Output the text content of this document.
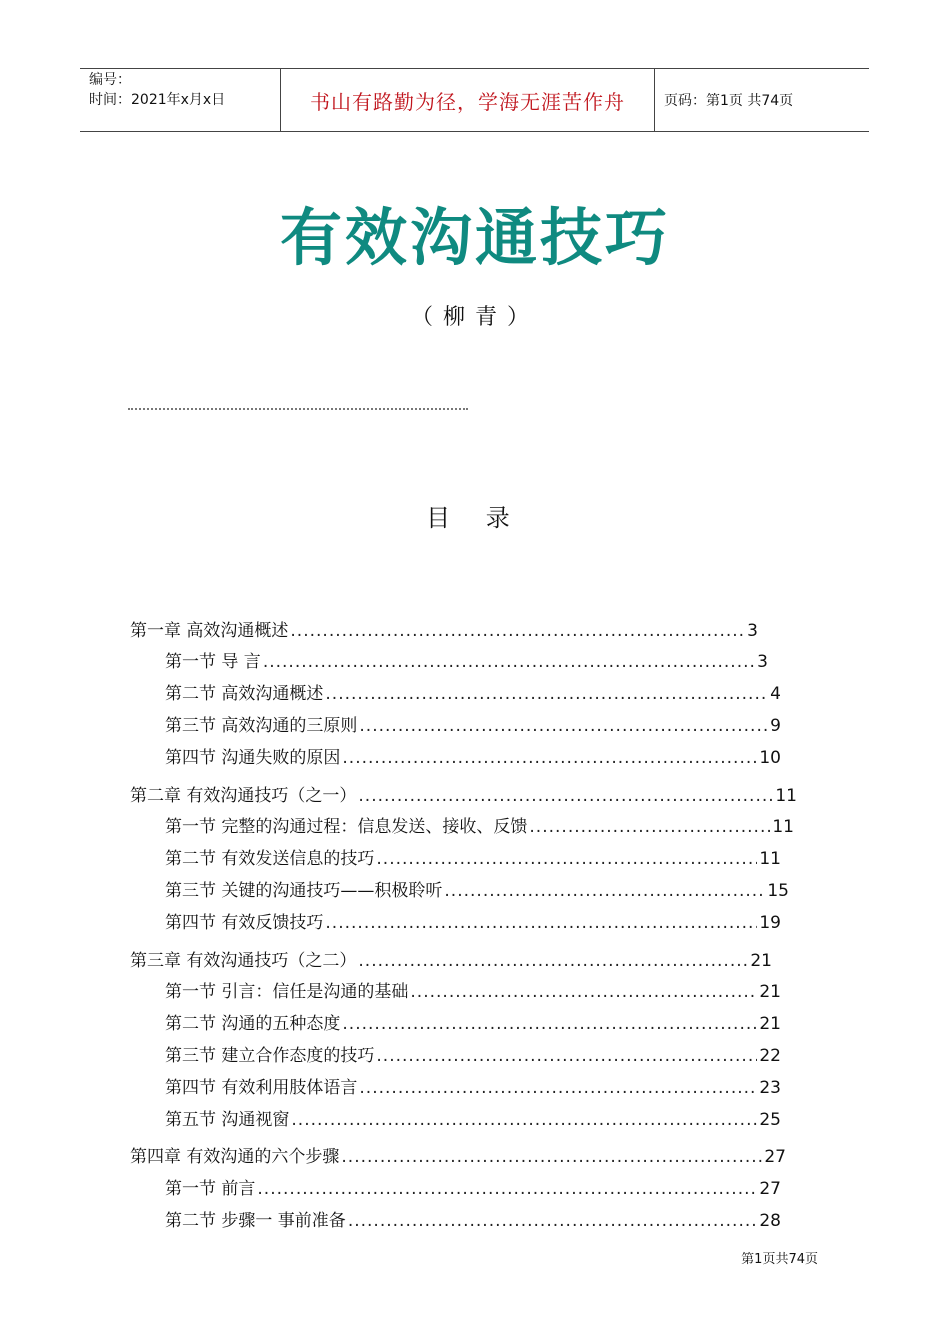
编号：
时间：2021年x月x日	书山有路勤为径，学海无涯苦作舟	页码：第1页 共74页
有效沟通技巧
（柳青）
目 录
第一章 高效沟通概述 .....	3
第一节 导 言 .....	3
第二节 高效沟通概述 .....	4
第三节 高效沟通的三原则 .....	9
第四节 沟通失败的原因 .....	10
第二章 有效沟通技巧（之一） .....	11
第一节 完整的沟通过程：信息发送、接收、反馈 .....	11
第二节 有效发送信息的技巧 .....	11
第三节 关键的沟通技巧——积极聆听 .....	15
第四节 有效反馈技巧 .....	19
第三章 有效沟通技巧（之二） .....	21
第一节 引言：信任是沟通的基础 .....	21
第二节 沟通的五种态度 .....	21
第三节 建立合作态度的技巧 .....	22
第四节 有效利用肢体语言 .....	23
第五节 沟通视窗 .....	25
第四章 有效沟通的六个步骤 .....	27
第一节 前言 .....	27
第二节 步骤一 事前准备 .....	28
第1页共74页
